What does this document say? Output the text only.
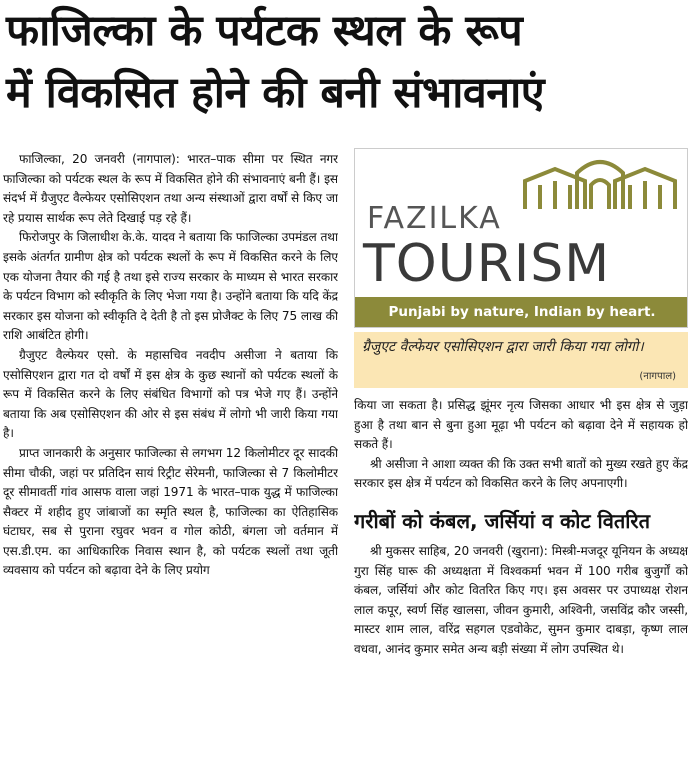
फाजिल्का के पर्यटक स्थल के रूप
में विकसित होने की बनी संभावनाएं

फाजिल्का, 20 जनवरी (नागपाल): भारत–पाक सीमा पर स्थित नगर फाजिल्का को पर्यटक स्थल के रूप में विकसित होने की संभावनाएं बनी हैं। इस संदर्भ में ग्रैजुएट वैल्फेयर एसोसिएशन तथा अन्य संस्थाओं द्वारा वर्षों से किए जा रहे प्रयास सार्थक रूप लेते दिखाई पड़ रहे हैं।

फिरोजपुर के जिलाधीश के.के. यादव ने बताया कि फाजिल्का उपमंडल तथा इसके अंतर्गत ग्रामीण क्षेत्र को पर्यटक स्थलों के रूप में विकसित करने के लिए एक योजना तैयार की गई है तथा इसे राज्य सरकार के माध्यम से भारत सरकार के पर्यटन विभाग को स्वीकृति के लिए भेजा गया है। उन्होंने बताया कि यदि केंद्र सरकार इस योजना को स्वीकृति दे देती है तो इस प्रोजैक्ट के लिए 75 लाख की राशि आबंटित होगी।

ग्रैजुएट वैल्फेयर एसो. के महासचिव नवदीप असीजा ने बताया कि एसोसिएशन द्वारा गत दो वर्षों में इस क्षेत्र के कुछ स्थानों को पर्यटक स्थलों के रूप में विकसित करने के लिए संबंधित विभागों को पत्र भेजे गए हैं। उन्होंने बताया कि अब एसोसिएशन की ओर से इस संबंध में लोगो भी जारी किया गया है।

प्राप्त जानकारी के अनुसार फाजिल्का से लगभग 12 किलोमीटर दूर सादकी सीमा चौकी, जहां पर प्रतिदिन सायं रिट्रीट सेरेमनी, फाजिल्का से 7 किलोमीटर दूर सीमावर्ती गांव आसफ वाला जहां 1971 के भारत–पाक युद्ध में फाजिल्का सैक्टर में शहीद हुए जांबाजों का स्मृति स्थल है, फाजिल्का का ऐतिहासिक घंटाघर, सब से पुराना रघुवर भवन व गोल कोठी, बंगला जो वर्तमान में एस.डी.एम. का आधिकारिक निवास स्थान है, को पर्यटक स्थलों तथा जूती व्यवसाय को पर्यटन को बढ़ावा देने के लिए प्रयोग

FAZILKA
TOURISM
Punjabi by nature, Indian by heart.
ग्रैजुएट वैल्फेयर एसोसिएशन द्वारा जारी किया गया लोगो।
(नागपाल)

किया जा सकता है। प्रसिद्ध झूंमर नृत्य जिसका आधार भी इस क्षेत्र से जुड़ा हुआ है तथा बान से बुना हुआ मूढ़ा भी पर्यटन को बढ़ावा देने में सहायक हो सकते हैं।

श्री असीजा ने आशा व्यक्त की कि उक्त सभी बातों को मुख्य रखते हुए केंद्र सरकार इस क्षेत्र में पर्यटन को विकसित करने के लिए अपनाएगी।

गरीबों को कंबल, जर्सियां व कोट वितरित

श्री मुकसर साहिब, 20 जनवरी (खुराना): मिस्त्री-मजदूर यूनियन के अध्यक्ष गुरा सिंह घारू की अध्यक्षता में विश्वकर्मा भवन में 100 गरीब बुजुर्गों को कंबल, जर्सियां और कोट वितरित किए गए। इस अवसर पर उपाध्यक्ष रोशन लाल कपूर, स्वर्ण सिंह खालसा, जीवन कुमारी, अश्विनी, जसविंद्र कौर जस्सी, मास्टर शाम लाल, वरिंद्र सहगल एडवोकेट, सुमन कुमार दाबड़ा, कृष्ण लाल वधवा, आनंद कुमार समेत अन्य बड़ी संख्या में लोग उपस्थित थे।
